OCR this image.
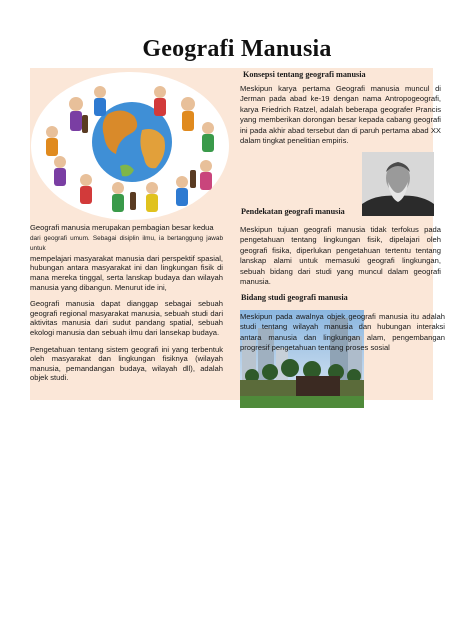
Geografi Manusia

Geografi manusia merupakan pembagian besar kedua
dari geografi umum. Sebagai disiplin ilmu, ia bertanggung jawab untuk
mempelajari masyarakat manusia dari perspektif spasial, hubungan antara masyarakat ini dan lingkungan fisik di mana mereka tinggal, serta lanskap budaya dan wilayah manusia yang dibangun. Menurut ide ini,

Geografi manusia dapat dianggap sebagai sebuah geografi regional masyarakat manusia, sebuah studi dari aktivitas manusia dari sudut pandang spatial, sebuah ekologi manusia dan sebuah ilmu dari lansekap budaya.

Pengetahuan tentang sistem geografi ini yang terbentuk oleh masyarakat dan lingkungan fisiknya (wilayah manusia, pemandangan budaya, wilayah dll), adalah objek studi.

Konsepsi tentang geografi manusia

Meskipun karya pertama Geografi manusia muncul di Jerman pada abad ke-19 dengan nama Antropogeografi, karya Friedrich Ratzel, adalah beberapa geografer Prancis yang memberikan dorongan besar kepada cabang geografi ini pada akhir abad tersebut dan di paruh pertama abad XX dalam tingkat penelitian empiris.

Pendekatan geografi manusia

Meskipun tujuan geografi manusia tidak terfokus pada pengetahuan tentang lingkungan fisik, dipelajari oleh geografi fisika, diperlukan pengetahuan tertentu tentang lanskap alami untuk memasuki geografi lingkungan, sebuah bidang dari studi yang muncul dalam geografi manusia.

Bidang studi geografi manusia

Meskipun pada awalnya objek geografi manusia itu adalah studi tentang wilayah manusia dan hubungan interaksi antara manusia dan lingkungan alam, pengembangan progresif pengetahuan tentang proses sosial
